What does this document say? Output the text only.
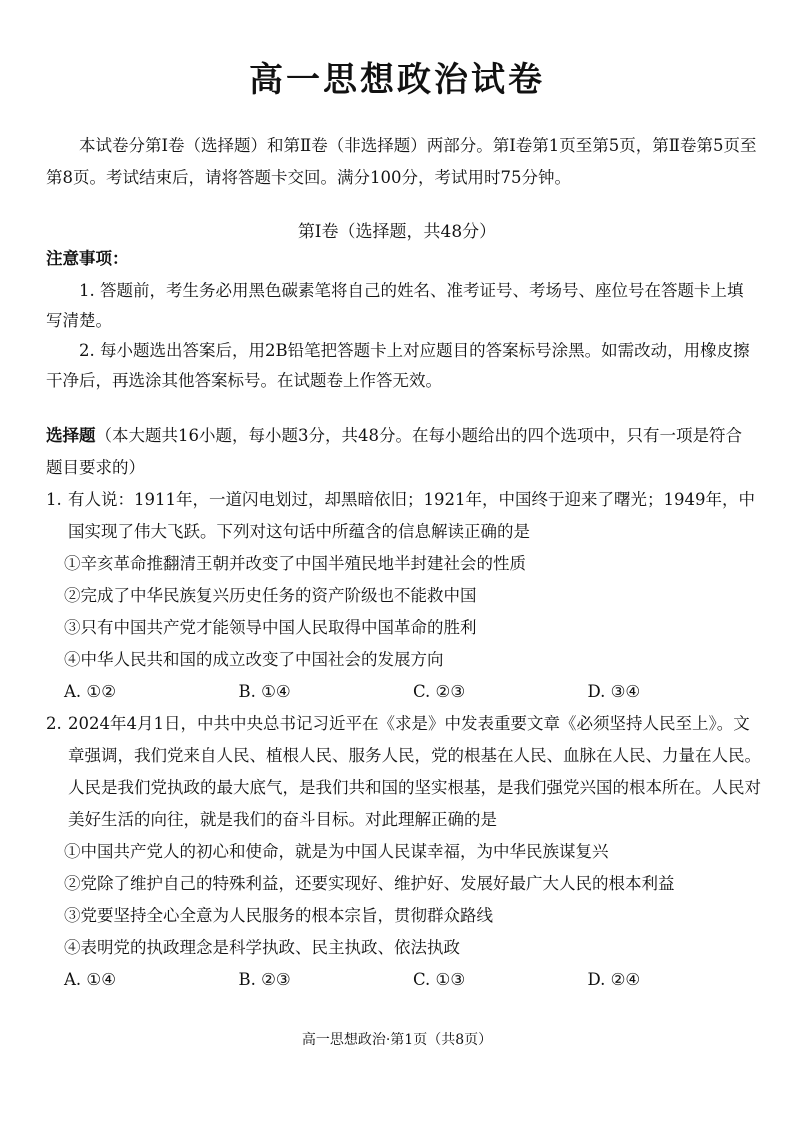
高一思想政治试卷

本试卷分第Ⅰ卷（选择题）和第Ⅱ卷（非选择题）两部分。第Ⅰ卷第1页至第5页，第Ⅱ卷第5页至第8页。考试结束后，请将答题卡交回。满分100分，考试用时75分钟。

第Ⅰ卷（选择题，共48分）
注意事项：

1. 答题前，考生务必用黑色碳素笔将自己的姓名、准考证号、考场号、座位号在答题卡上填写清楚。

2. 每小题选出答案后，用2B铅笔把答题卡上对应题目的答案标号涂黑。如需改动，用橡皮擦干净后，再选涂其他答案标号。在试题卷上作答无效。

选择题（本大题共16小题，每小题3分，共48分。在每小题给出的四个选项中，只有一项是符合题目要求的）

1. 有人说：1911年，一道闪电划过，却黑暗依旧；1921年，中国终于迎来了曙光；1949年，中国实现了伟大飞跃。下列对这句话中所蕴含的信息解读正确的是

①辛亥革命推翻清王朝并改变了中国半殖民地半封建社会的性质

②完成了中华民族复兴历史任务的资产阶级也不能救中国

③只有中国共产党才能领导中国人民取得中国革命的胜利

④中华人民共和国的成立改变了中国社会的发展方向

A. ①②	B. ①④	C. ②③	D. ③④
2. 2024年4月1日，中共中央总书记习近平在《求是》中发表重要文章《必须坚持人民至上》。文章强调，我们党来自人民、植根人民、服务人民，党的根基在人民、血脉在人民、力量在人民。人民是我们党执政的最大底气，是我们共和国的坚实根基，是我们强党兴国的根本所在。人民对美好生活的向往，就是我们的奋斗目标。对此理解正确的是

①中国共产党人的初心和使命，就是为中国人民谋幸福，为中华民族谋复兴

②党除了维护自己的特殊利益，还要实现好、维护好、发展好最广大人民的根本利益

③党要坚持全心全意为人民服务的根本宗旨，贯彻群众路线

④表明党的执政理念是科学执政、民主执政、依法执政

A. ①④	B. ②③	C. ①③	D. ②④
高一思想政治·第1页（共8页）
